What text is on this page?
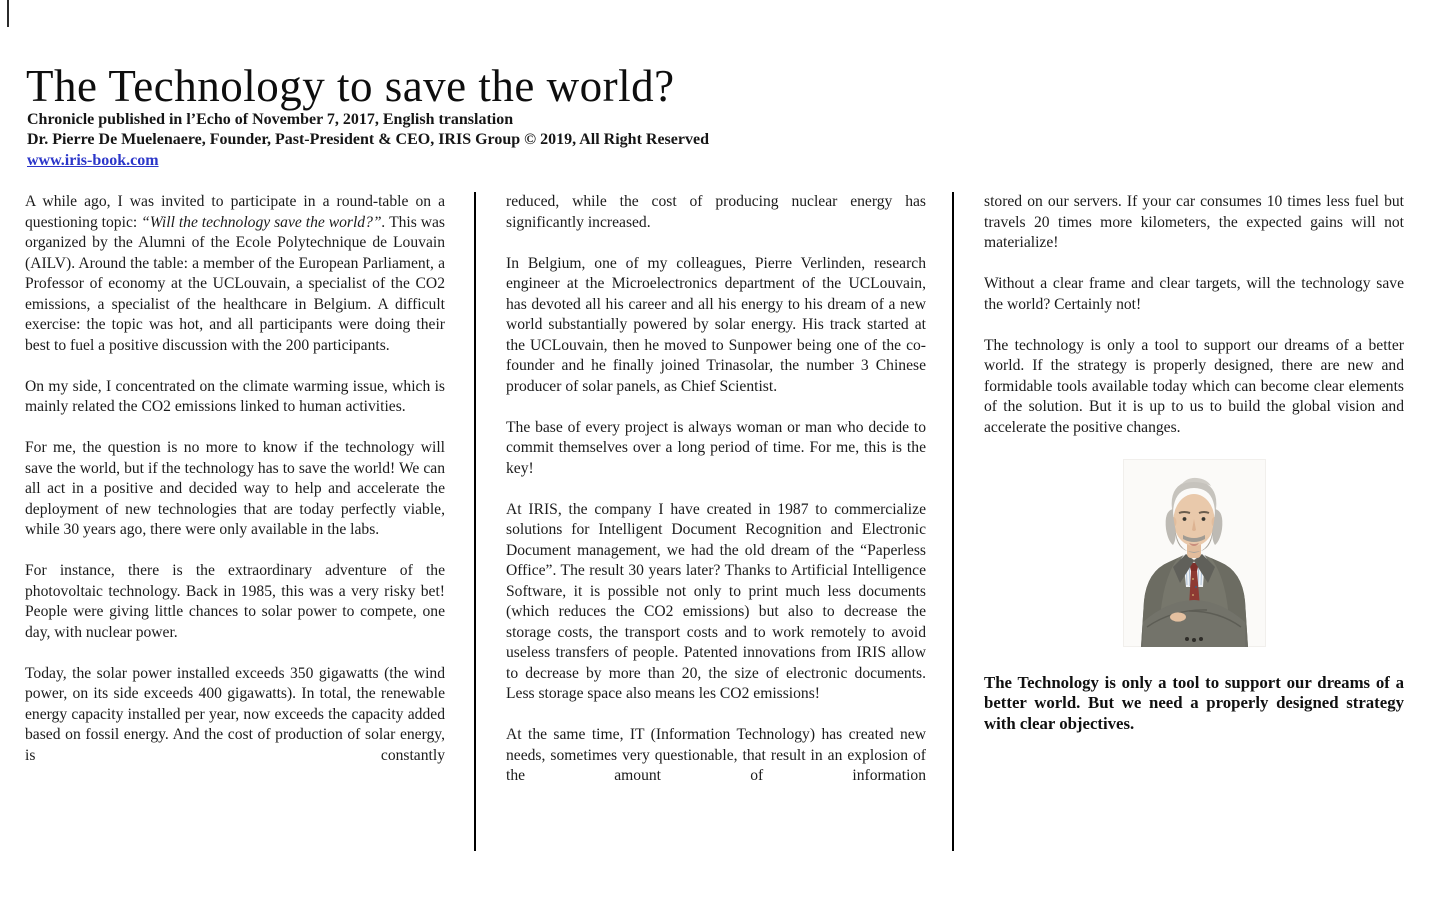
The Technology to save the world?
Chronicle published in l’Echo of November 7, 2017, English translation
Dr. Pierre De Muelenaere, Founder, Past-President & CEO, IRIS Group © 2019, All Right Reserved
www.iris-book.com

A while ago, I was invited to participate in a round-table on a questioning topic: “Will the technology save the world?”. This was organized by the Alumni of the Ecole Polytechnique de Louvain (AILV). Around the table: a member of the European Parliament, a Professor of economy at the UCLouvain, a specialist of the CO2 emissions, a specialist of the healthcare in Belgium. A difficult exercise: the topic was hot, and all participants were doing their best to fuel a positive discussion with the 200 participants.

On my side, I concentrated on the climate warming issue, which is mainly related the CO2 emissions linked to human activities.

For me, the question is no more to know if the technology will save the world, but if the technology has to save the world! We can all act in a positive and decided way to help and accelerate the deployment of new technologies that are today perfectly viable, while 30 years ago, there were only available in the labs.

For instance, there is the extraordinary adventure of the photovoltaic technology. Back in 1985, this was a very risky bet! People were giving little chances to solar power to compete, one day, with nuclear power.

Today, the solar power installed exceeds 350 gigawatts (the wind power, on its side exceeds 400 gigawatts). In total, the renewable energy capacity installed per year, now exceeds the capacity added based on fossil energy. And the cost of production of solar energy, is constantly

reduced, while the cost of producing nuclear energy has significantly increased.

In Belgium, one of my colleagues, Pierre Verlinden, research engineer at the Microelectronics department of the UCLouvain, has devoted all his career and all his energy to his dream of a new world substantially powered by solar energy. His track started at the UCLouvain, then he moved to Sunpower being one of the co-founder and he finally joined Trinasolar, the number 3 Chinese producer of solar panels, as Chief Scientist.

The base of every project is always woman or man who decide to commit themselves over a long period of time. For me, this is the key!

At IRIS, the company I have created in 1987 to commercialize solutions for Intelligent Document Recognition and Electronic Document management, we had the old dream of the “Paperless Office”. The result 30 years later? Thanks to Artificial Intelligence Software, it is possible not only to print much less documents (which reduces the CO2 emissions) but also to decrease the storage costs, the transport costs and to work remotely to avoid useless transfers of people. Patented innovations from IRIS allow to decrease by more than 20, the size of electronic documents. Less storage space also means les CO2 emissions!

At the same time, IT (Information Technology) has created new needs, sometimes very questionable, that result in an explosion of the amount of information

stored on our servers. If your car consumes 10 times less fuel but travels 20 times more kilometers, the expected gains will not materialize!

Without a clear frame and clear targets, will the technology save the world? Certainly not!

The technology is only a tool to support our dreams of a better world. If the strategy is properly designed, there are new and formidable tools available today which can become clear elements of the solution. But it is up to us to build the global vision and accelerate the positive changes.

The Technology is only a tool to support our dreams of a better world. But we need a properly designed strategy with clear objectives.
